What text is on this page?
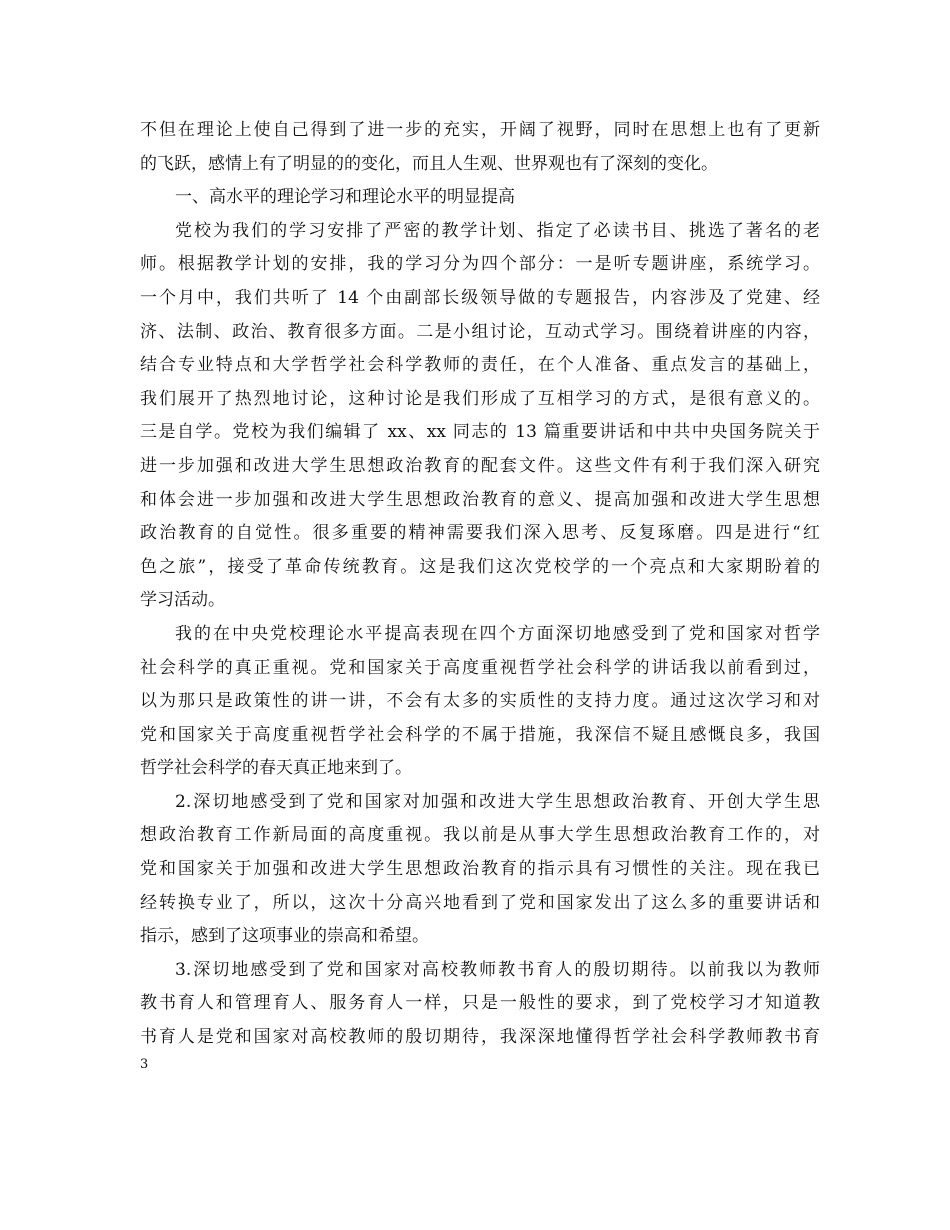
不但在理论上使自己得到了进一步的充实，开阔了视野，同时在思想上也有了更新
的飞跃，感情上有了明显的的变化，而且人生观、世界观也有了深刻的变化。
一、高水平的理论学习和理论水平的明显提高
党校为我们的学习安排了严密的教学计划、指定了必读书目、挑选了著名的老
师。根据教学计划的安排，我的学习分为四个部分：一是听专题讲座，系统学习。
一个月中，我们共听了 14 个由副部长级领导做的专题报告，内容涉及了党建、经
济、法制、政治、教育很多方面。二是小组讨论，互动式学习。围绕着讲座的内容，
结合专业特点和大学哲学社会科学教师的责任，在个人准备、重点发言的基础上，
我们展开了热烈地讨论，这种讨论是我们形成了互相学习的方式，是很有意义的。
三是自学。党校为我们编辑了 xx、xx 同志的 13 篇重要讲话和中共中央国务院关于
进一步加强和改进大学生思想政治教育的配套文件。这些文件有利于我们深入研究
和体会进一步加强和改进大学生思想政治教育的意义、提高加强和改进大学生思想
政治教育的自觉性。很多重要的精神需要我们深入思考、反复琢磨。四是进行“红
色之旅”，接受了革命传统教育。这是我们这次党校学的一个亮点和大家期盼着的
学习活动。
我的在中央党校理论水平提高表现在四个方面深切地感受到了党和国家对哲学
社会科学的真正重视。党和国家关于高度重视哲学社会科学的讲话我以前看到过，
以为那只是政策性的讲一讲，不会有太多的实质性的支持力度。通过这次学习和对
党和国家关于高度重视哲学社会科学的不属于措施，我深信不疑且感慨良多，我国
哲学社会科学的春天真正地来到了。
2.深切地感受到了党和国家对加强和改进大学生思想政治教育、开创大学生思
想政治教育工作新局面的高度重视。我以前是从事大学生思想政治教育工作的，对
党和国家关于加强和改进大学生思想政治教育的指示具有习惯性的关注。现在我已
经转换专业了，所以，这次十分高兴地看到了党和国家发出了这么多的重要讲话和
指示，感到了这项事业的崇高和希望。
3.深切地感受到了党和国家对高校教师教书育人的殷切期待。以前我以为教师
教书育人和管理育人、服务育人一样，只是一般性的要求，到了党校学习才知道教
书育人是党和国家对高校教师的殷切期待，我深深地懂得哲学社会科学教师教书育
3
